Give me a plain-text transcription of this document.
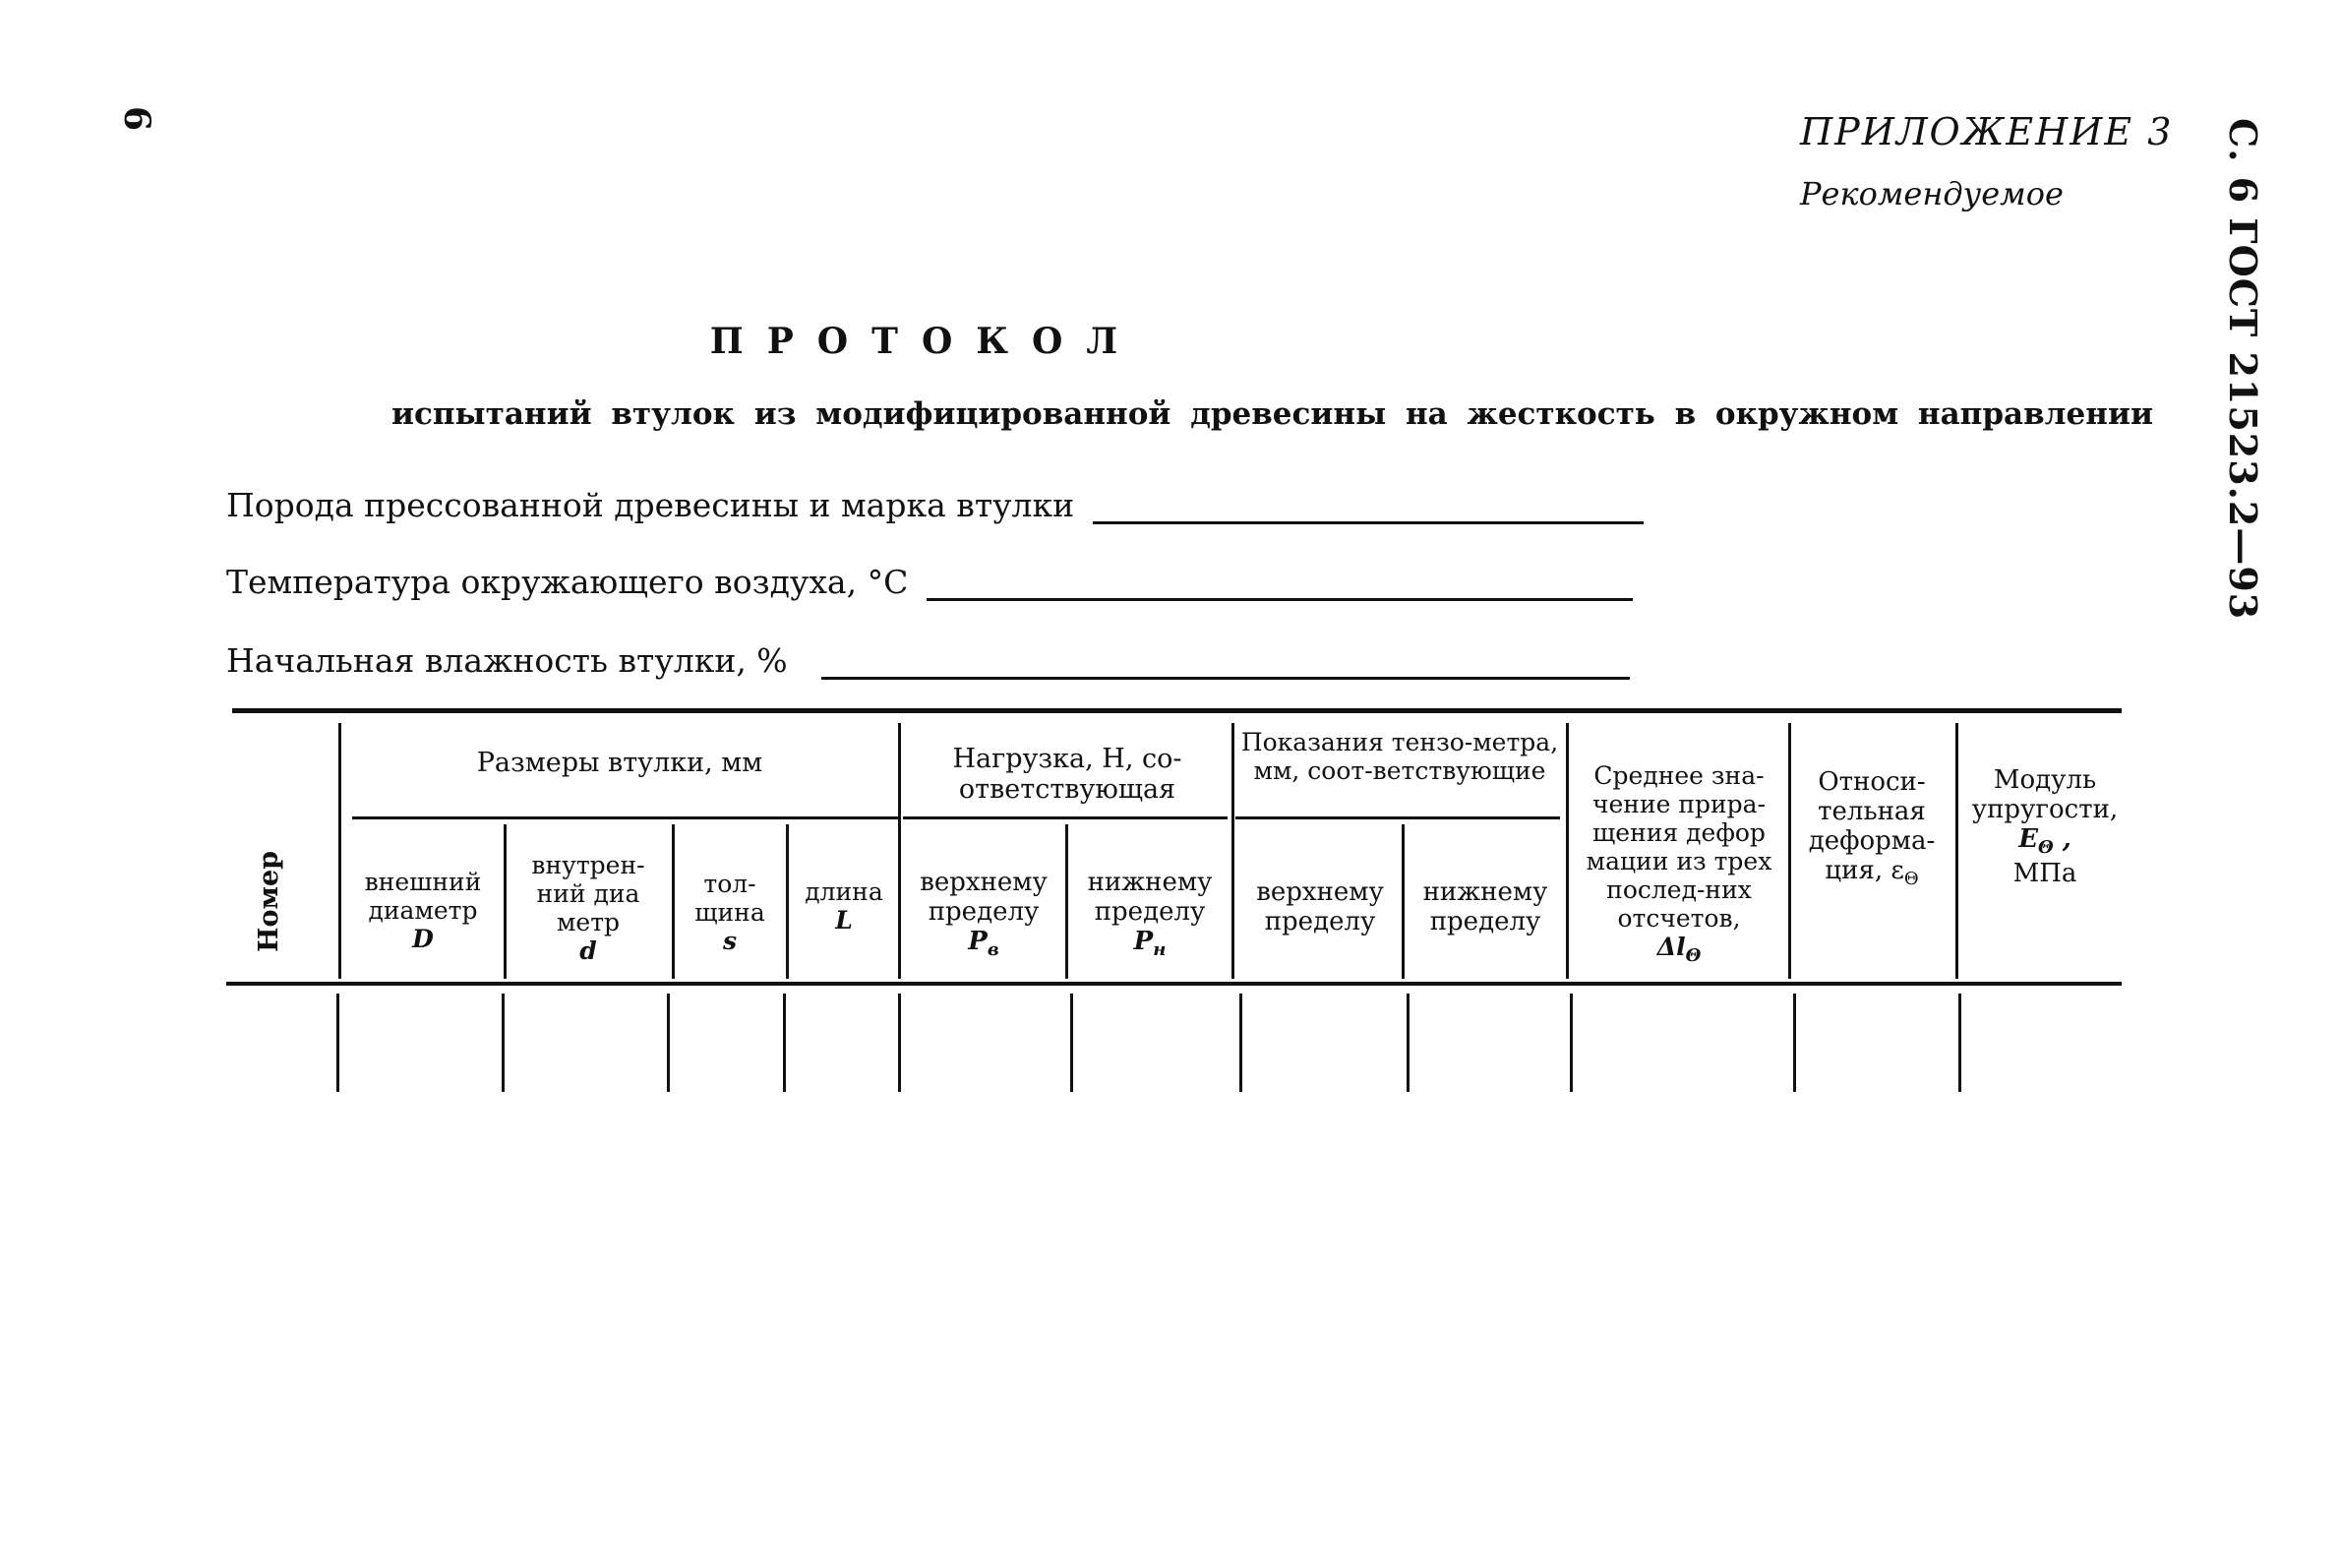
6	ПРИЛОЖЕНИЕ 3
Рекомендуемое	С. 6 ГОСТ 21523.2—93
ПРОТОКОЛ
испытаний втулок из модифицированной древесины на жесткость в окружном направлении
Порода прессованной древесины и марка втулки
Температура окружающего воздуха, °С
Начальная влажность втулки, %
Номер
Размеры втулки, мм
внешний диаметр
D
внутрен-ний диа метр
d
тол-щина
s
длина
L
Нагрузка, Н, со-ответствующая
верхнему пределу
$P_в$
нижнему пределу
$P_н$
Показания тензо-метра, мм, соот-ветствующие
верхнему пределу
нижнему пределу
Среднее зна-чение прира-щения дефор мации из трех послед-них отсчетов,
$\Delta l_\Theta$
Относи-тельная деформа-ция, $\varepsilon_\Theta$
Модуль упругости,
$E_\Theta$ ,
МПа
